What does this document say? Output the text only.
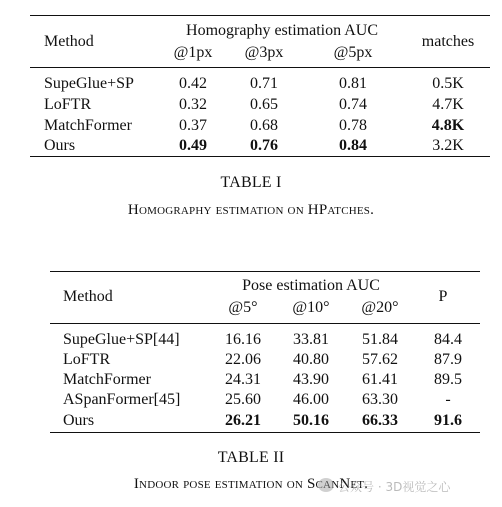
Method
Homography estimation AUC
@1px @3px	@5px
matches
SupeGlue+SP	0.42	0.71	0.81	0.5K
LoFTR	0.32	0.65	0.74	4.7K
MatchFormer	0.37	0.68	0.78	4.8K
Ours	0.49	0.76	0.84	3.2K
TABLE I
Homography estimation on HPatches.
Method
Pose estimation AUC
@5° @10° @20°
P
SupeGlue+SP[44]	16.16 33.81 51.84 84.4
LoFTR	22.06 40.80 57.62 87.9
MatchFormer	24.31 43.90 61.41 89.5
ASpanFormer[45]	25.60 46.00 63.30	-
Ours	26.21 50.16 66.33 91.6
TABLE II
Indoor pose estimation on ScanNet.
公众号 · 3D视觉之心
